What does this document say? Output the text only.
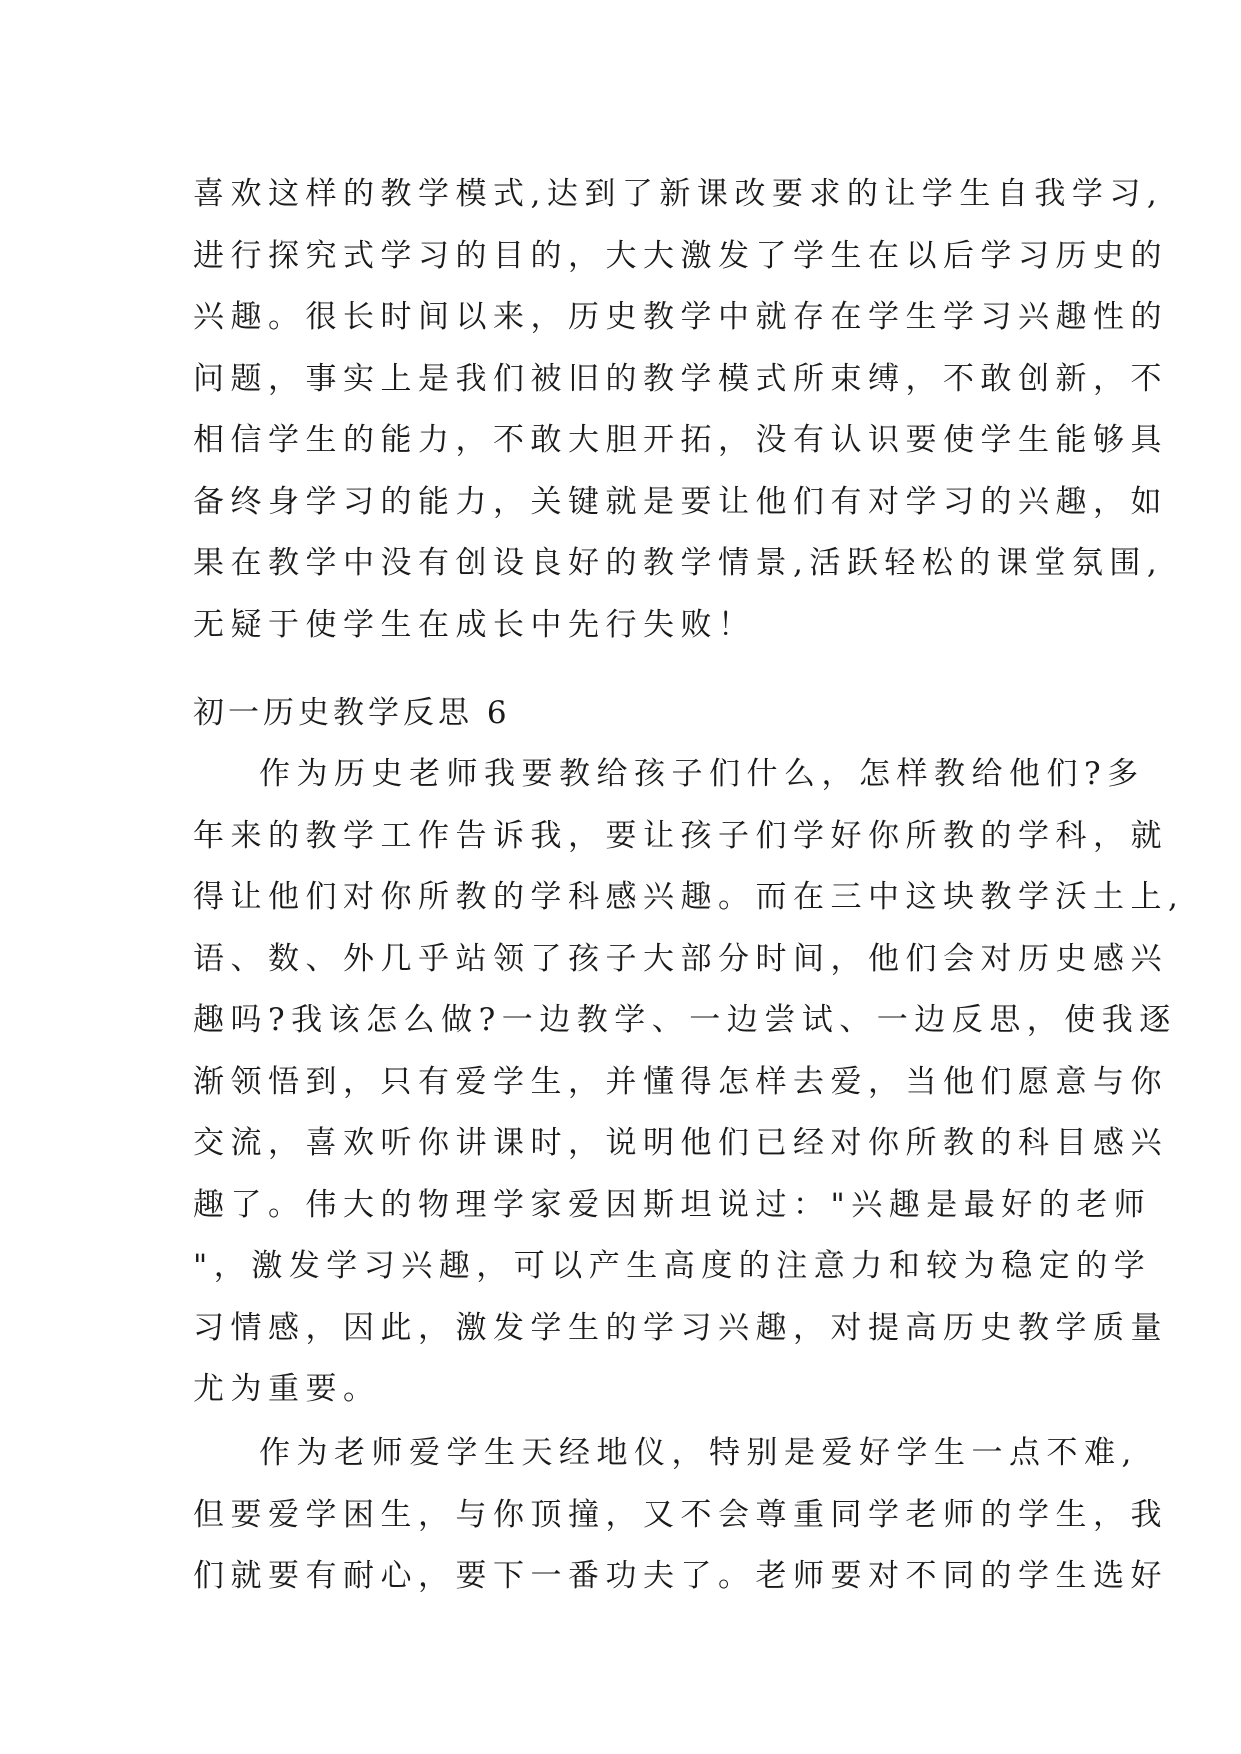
喜欢这样的教学模式,达到了新课改要求的让学生自我学习,
进行探究式学习的目的，大大激发了学生在以后学习历史的
兴趣。很长时间以来，历史教学中就存在学生学习兴趣性的
问题，事实上是我们被旧的教学模式所束缚，不敢创新，不
相信学生的能力，不敢大胆开拓，没有认识要使学生能够具
备终身学习的能力，关键就是要让他们有对学习的兴趣，如
果在教学中没有创设良好的教学情景,活跃轻松的课堂氛围,
无疑于使学生在成长中先行失败！
初一历史教学反思 6
作为历史老师我要教给孩子们什么，怎样教给他们?多
年来的教学工作告诉我，要让孩子们学好你所教的学科，就
得让他们对你所教的学科感兴趣。而在三中这块教学沃土上,
语、数、外几乎站领了孩子大部分时间，他们会对历史感兴
趣吗?我该怎么做?一边教学、一边尝试、一边反思，使我逐
渐领悟到，只有爱学生，并懂得怎样去爱，当他们愿意与你
交流，喜欢听你讲课时，说明他们已经对你所教的科目感兴
趣了。伟大的物理学家爱因斯坦说过："兴趣是最好的老师
"，激发学习兴趣，可以产生高度的注意力和较为稳定的学
习情感，因此，激发学生的学习兴趣，对提高历史教学质量
尤为重要。
作为老师爱学生天经地仪，特别是爱好学生一点不难,
但要爱学困生，与你顶撞，又不会尊重同学老师的学生，我
们就要有耐心，要下一番功夫了。老师要对不同的学生选好
